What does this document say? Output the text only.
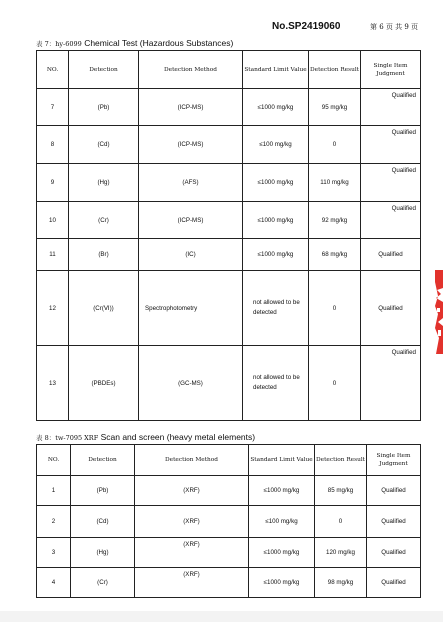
No.SP2419060	第 6 页 共 9 页
表 7：hy-6099 Chemical Test (Hazardous Substances)
NO.	Detection	Detection Method	Standard Limit Value	Detection Result	Single Item Judgment
7	(Pb)	(ICP-MS)	≤1000 mg/kg	95 mg/kg	Qualified
8	(Cd)	(ICP-MS)	≤100 mg/kg	0	Qualified
9	(Hg)	(AFS)	≤1000 mg/kg	110 mg/kg	Qualified
10	(Cr)	(ICP-MS)	≤1000 mg/kg	92 mg/kg	Qualified
11	(Br)	(IC)	≤1000 mg/kg	68 mg/kg	Qualified
12	(Cr(Ⅵ))	Spectrophotometry	not allowed to be detected	0	Qualified
13	(PBDEs)	(GC-MS)	not allowed to be detected	0	Qualified
表 8：tw-7095 XRF Scan and screen (heavy metal elements)
NO.	Detection	Detection Method	Standard Limit Value	Detection Result	Single Item Judgment
1	(Pb)	(XRF)	≤1000 mg/kg	85 mg/kg	Qualified
2	(Cd)	(XRF)	≤100 mg/kg	0	Qualified
3	(Hg)	(XRF)	≤1000 mg/kg	120 mg/kg	Qualified
4	(Cr)	(XRF)	≤1000 mg/kg	98 mg/kg	Qualified
